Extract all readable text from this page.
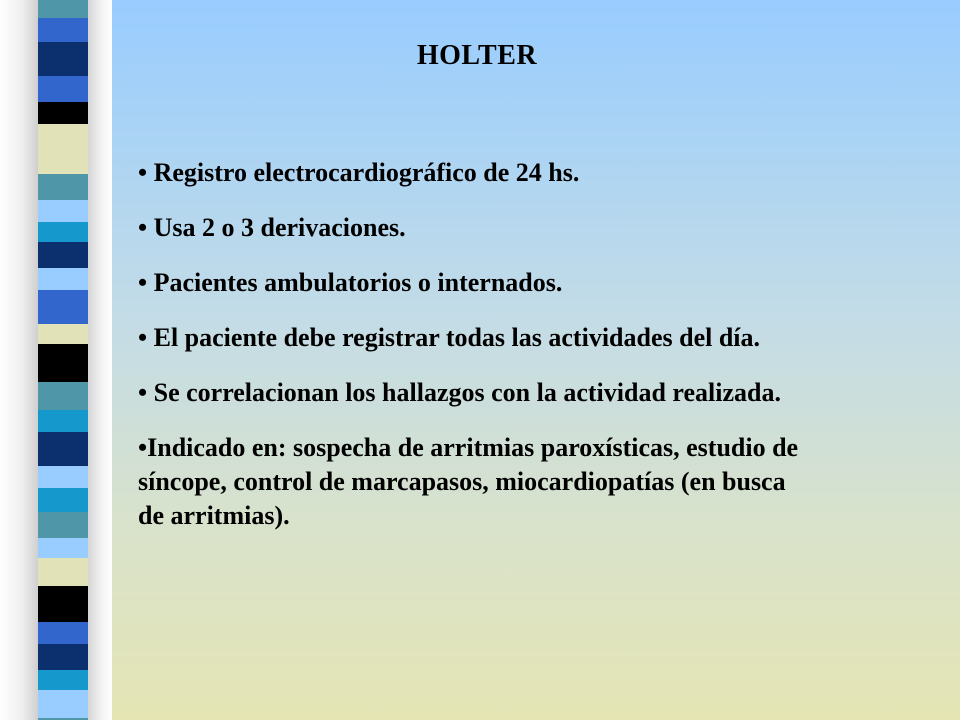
HOLTER
• Registro electrocardiográfico de 24 hs.
• Usa 2 o 3 derivaciones.
• Pacientes ambulatorios o internados.
• El paciente debe registrar todas las actividades del día.
• Se correlacionan los hallazgos con la actividad realizada.
•Indicado en: sospecha de arritmias paroxísticas, estudio de síncope, control de marcapasos, miocardiopatías (en busca de arritmias).
